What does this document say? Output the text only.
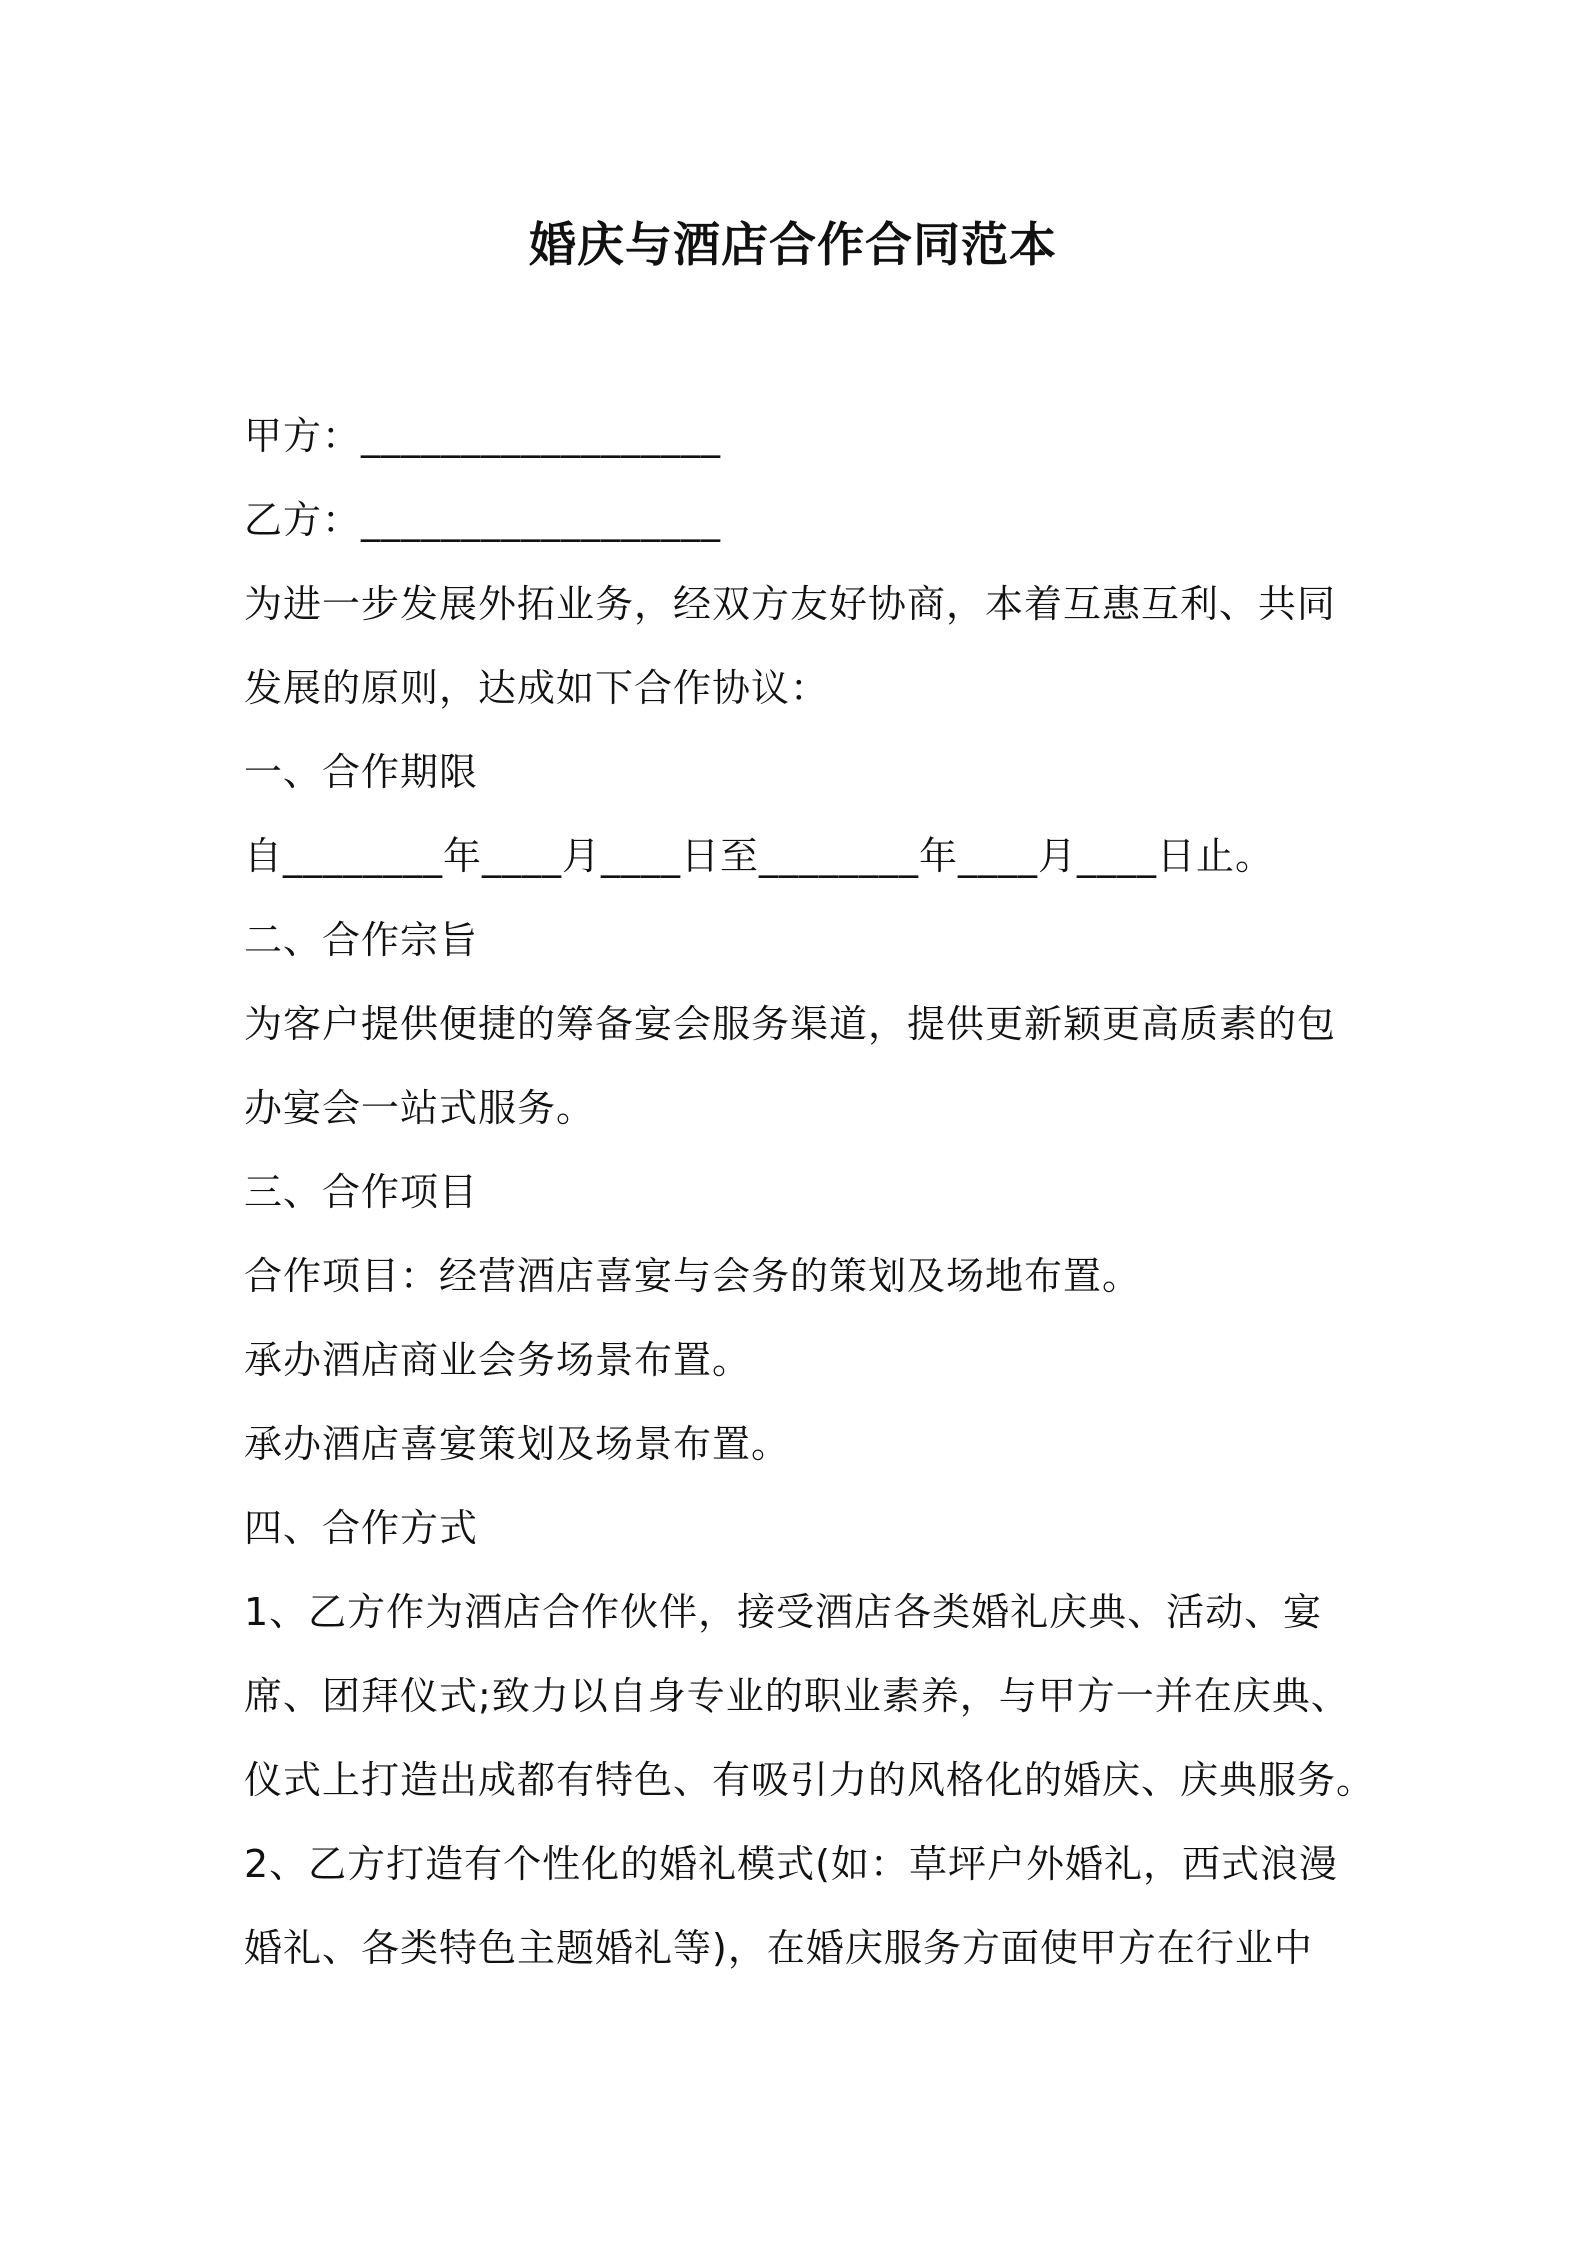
婚庆与酒店合作合同范本
甲方：__________________
乙方：__________________
为进一步发展外拓业务，经双方友好协商，本着互惠互利、共同
发展的原则，达成如下合作协议：
一、合作期限
自________年____月____日至________年____月____日止。
二、合作宗旨
为客户提供便捷的筹备宴会服务渠道，提供更新颖更高质素的包
办宴会一站式服务。
三、合作项目
合作项目：经营酒店喜宴与会务的策划及场地布置。
承办酒店商业会务场景布置。
承办酒店喜宴策划及场景布置。
四、合作方式
1、乙方作为酒店合作伙伴，接受酒店各类婚礼庆典、活动、宴
席、团拜仪式;致力以自身专业的职业素养，与甲方一并在庆典、
仪式上打造出成都有特色、有吸引力的风格化的婚庆、庆典服务。
2、乙方打造有个性化的婚礼模式(如：草坪户外婚礼，西式浪漫
婚礼、各类特色主题婚礼等)，在婚庆服务方面使甲方在行业中
